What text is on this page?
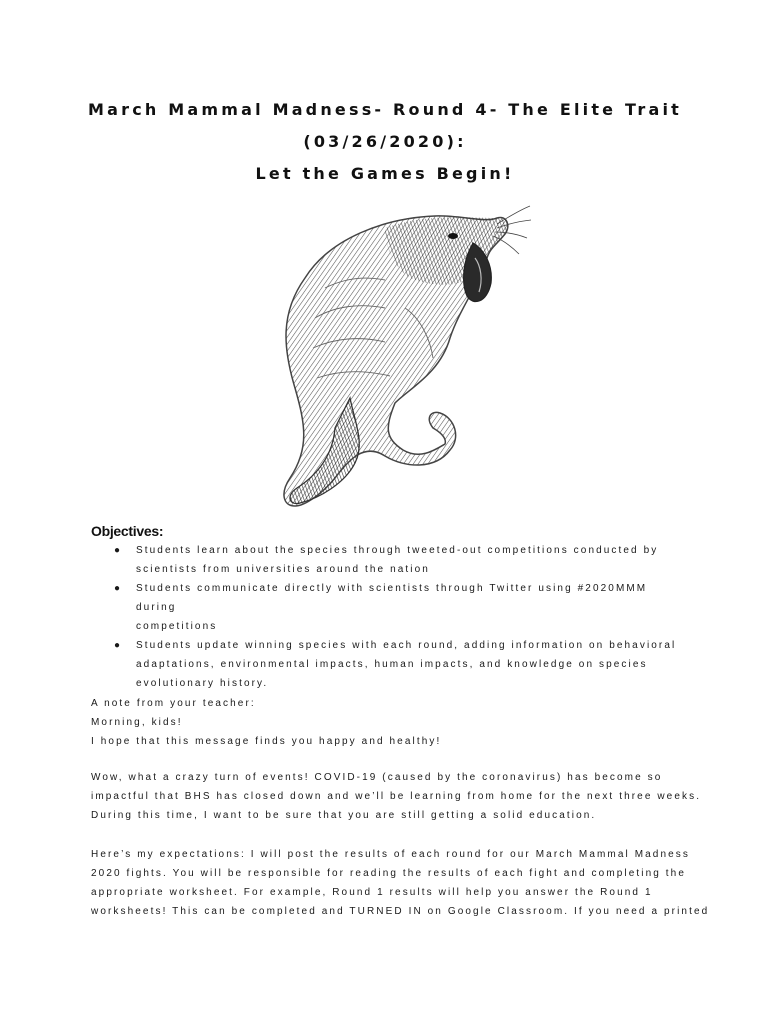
March Mammal Madness- Round 4- The Elite Trait
(03/26/2020):
Let the Games Begin!
Objectives:
● Students learn about the species through tweeted-out competitions conducted by
scientists from universities around the nation
● Students communicate directly with scientists through Twitter using #2020MMM during
competitions
● Students update winning species with each round, adding information on behavioral
adaptations, environmental impacts, human impacts, and knowledge on species
evolutionary history.
A note from your teacher:
Morning, kids!
I hope that this message finds you happy and healthy!
Wow, what a crazy turn of events! COVID-19 (caused by the coronavirus) has become so
impactful that BHS has closed down and we’ll be learning from home for the next three weeks.
During this time, I want to be sure that you are still getting a solid education.
Here’s my expectations: I will post the results of each round for our March Mammal Madness
2020 fights. You will be responsible for reading the results of each fight and completing the
appropriate worksheet. For example, Round 1 results will help you answer the Round 1
worksheets! This can be completed and TURNED IN on Google Classroom. If you need a printed
